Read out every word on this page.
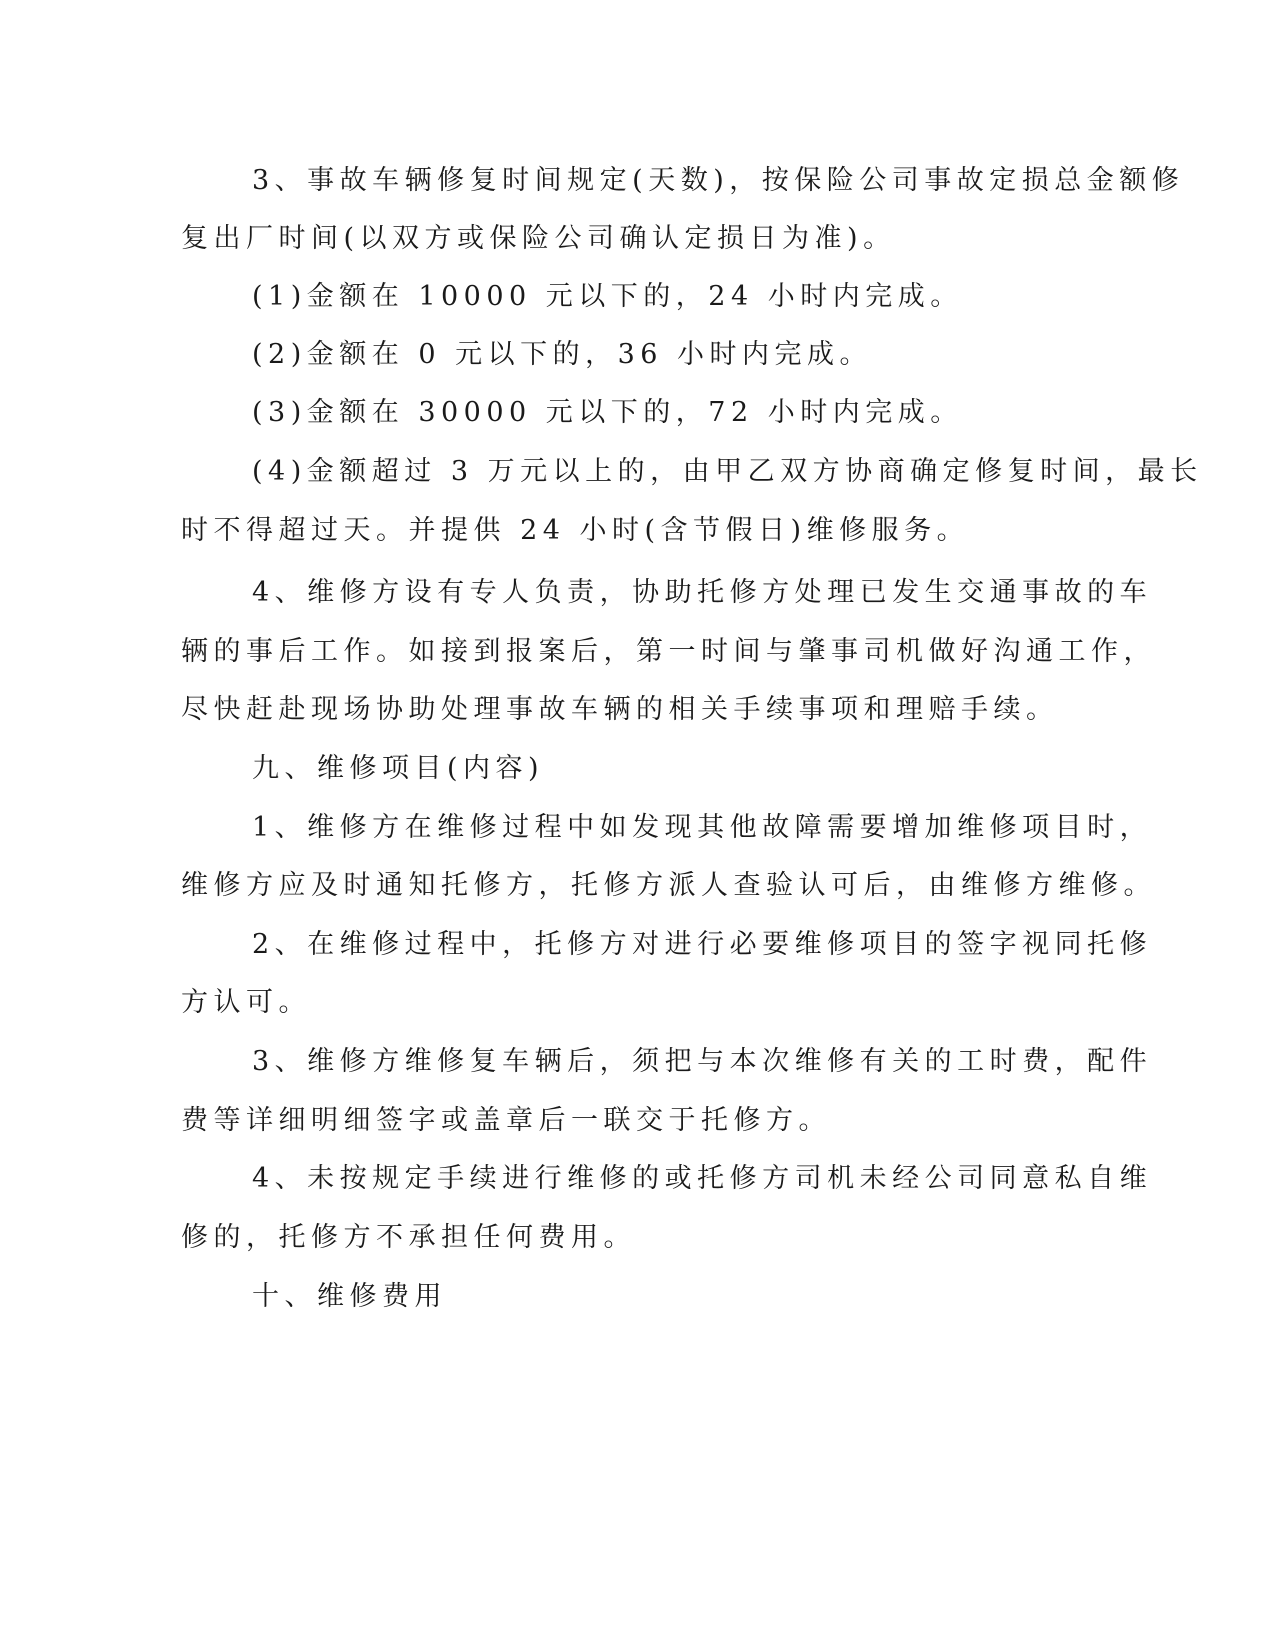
3、事故车辆修复时间规定(天数)，按保险公司事故定损总金额修
复出厂时间(以双方或保险公司确认定损日为准)。
(1)金额在 10000 元以下的，24 小时内完成。
(2)金额在 0 元以下的，36 小时内完成。
(3)金额在 30000 元以下的，72 小时内完成。
(4)金额超过 3 万元以上的，由甲乙双方协商确定修复时间，最长
时不得超过天。并提供 24 小时(含节假日)维修服务。
4、维修方设有专人负责，协助托修方处理已发生交通事故的车
辆的事后工作。如接到报案后，第一时间与肇事司机做好沟通工作，
尽快赶赴现场协助处理事故车辆的相关手续事项和理赔手续。
九、维修项目(内容)
1、维修方在维修过程中如发现其他故障需要增加维修项目时，
维修方应及时通知托修方，托修方派人查验认可后，由维修方维修。
2、在维修过程中，托修方对进行必要维修项目的签字视同托修
方认可。
3、维修方维修复车辆后，须把与本次维修有关的工时费，配件
费等详细明细签字或盖章后一联交于托修方。
4、未按规定手续进行维修的或托修方司机未经公司同意私自维
修的，托修方不承担任何费用。
十、维修费用
